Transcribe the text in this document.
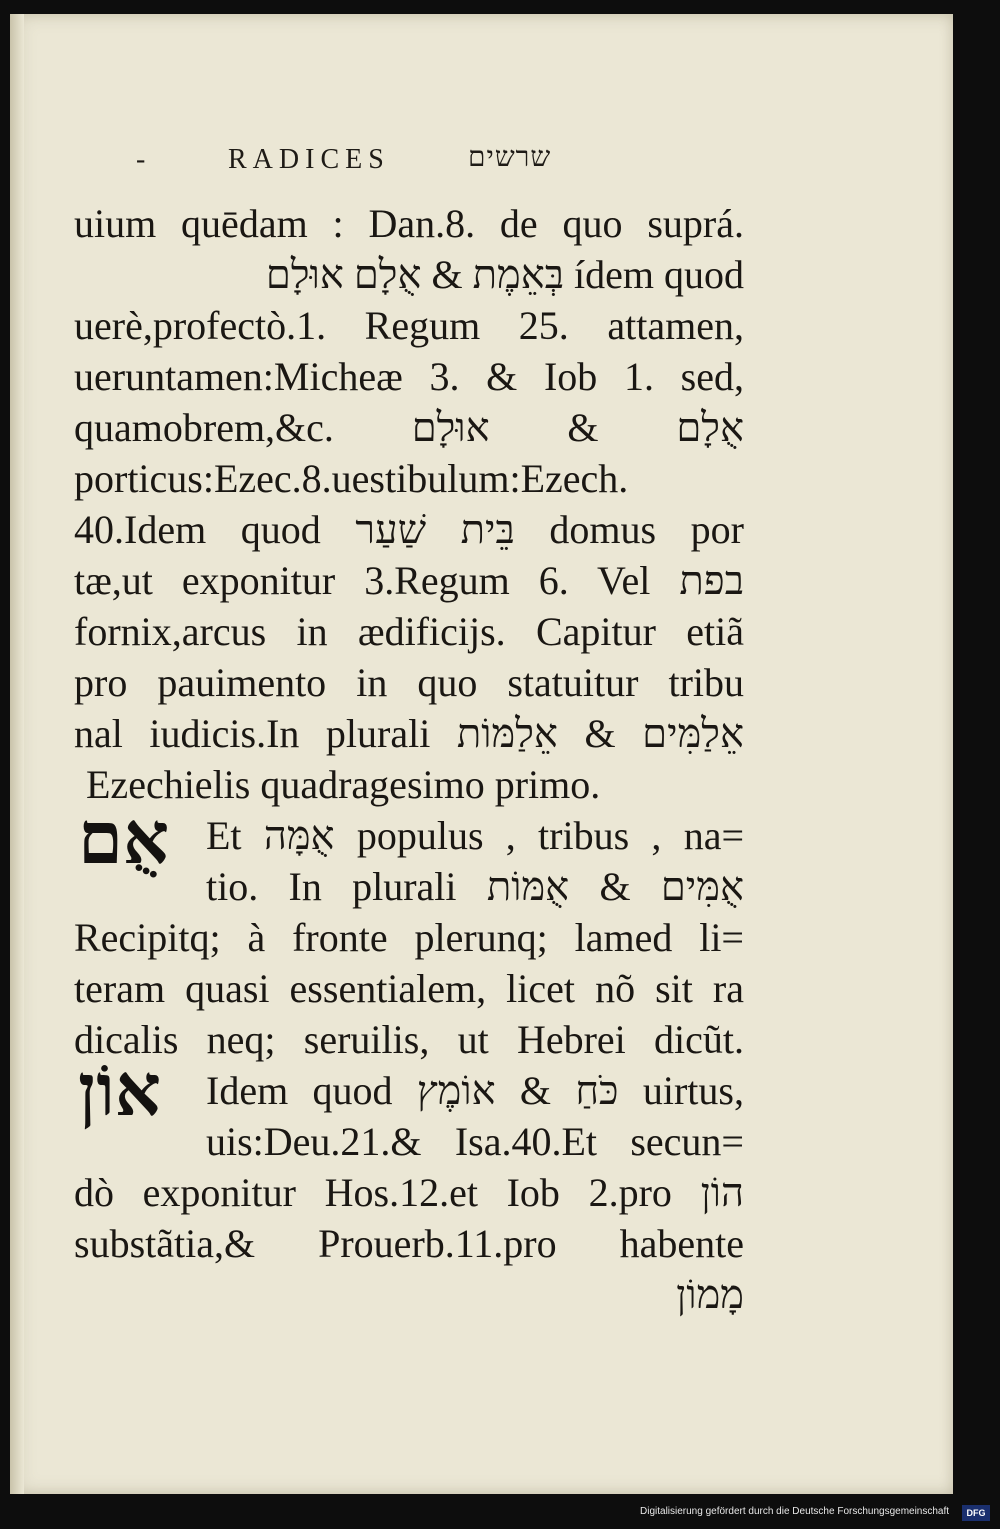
-	RADICES	שרשים
אֻם
אוֹן
uium quēdam : Dan.8. de quo suprá.
בְּאֵמֶת & אֻלָם אוּלָם ídem quod
uerè,profectò.1. Regum 25. attamen,
ueruntamen:Micheæ 3. & Iob 1. sed,
quamobrem,&c. אֻלָם & אוּלָם
porticus:Ezec.8.uestibulum:Ezech.
40.Idem quod בֵּית שַׁעַר domus por
tæ,ut exponitur 3.Regum 6. Vel בפת
fornix,arcus in ædificijs. Capitur etiã
pro pauimento in quo statuitur tribu
nal iudicis.In plurali אֵלַמִּים & אֵלַמּוֹת
Ezechielis quadragesimo primo.
Et אֻמָּה populus , tribus , na=
tio. In plurali אֻמִּים & אֻמּוֹת
Recipitq; à fronte plerunq; lamed li=
teram quasi essentialem, licet nõ sit ra
dicalis neq; seruilis, ut Hebrei dicũt.
Idem quod כֹּחַ & אוֹמֶץ uirtus,
uis:Deu.21.& Isa.40.Et secun=
dò exponitur Hos.12.et Iob 2.pro הוֹן
substãtia,& Prouerb.11.pro habente
מָמוֹן
Digitalisierung gefördert durch die Deutsche Forschungsgemeinschaft	DFG
